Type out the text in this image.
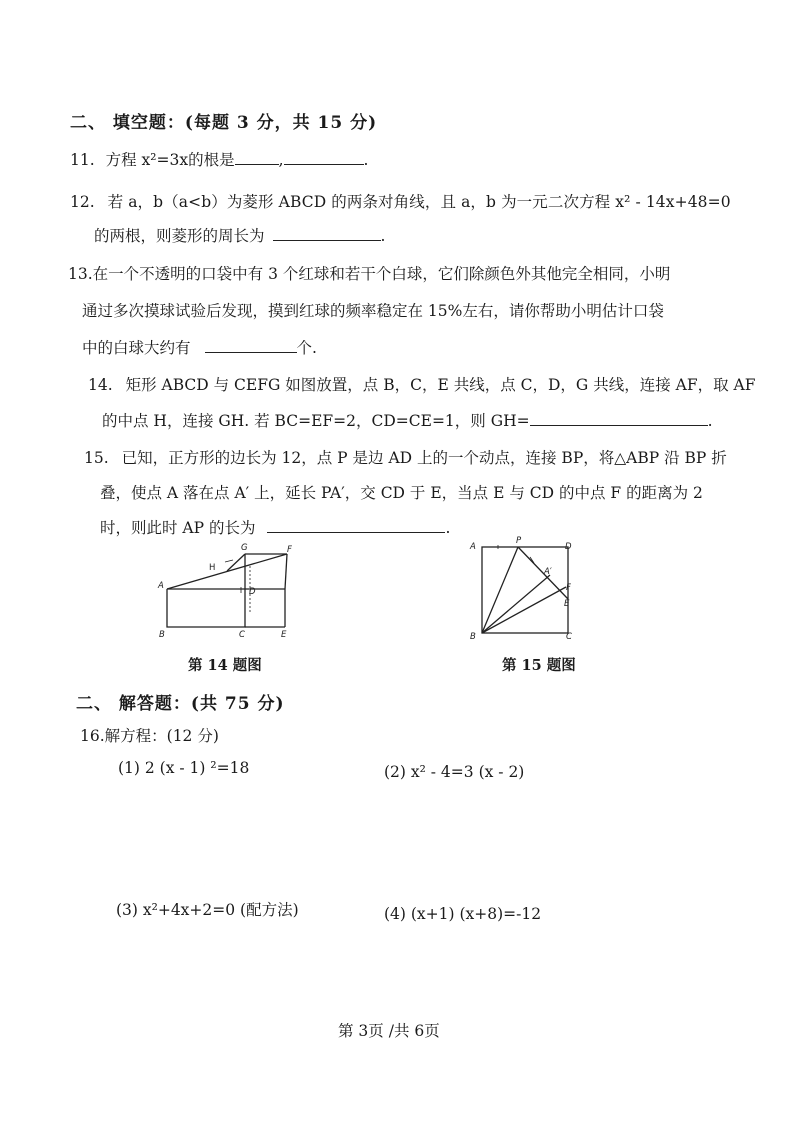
二、 填空题：(每题 3 分，共 15 分)
11. 方程 x²=3x的根是	,	.
12. 若 a，b（a<b）为菱形 ABCD 的两条对角线，且 a，b 为一元二次方程 x² - 14x+48=0
的两根，则菱形的周长为	.
13.在一个不透明的口袋中有 3 个红球和若干个白球，它们除颜色外其他完全相同，小明
通过多次摸球试验后发现，摸到红球的频率稳定在 15%左右，请你帮助小明估计口袋
中的白球大约有	个.
14. 矩形 ABCD 与 CEFG 如图放置，点 B，C，E 共线，点 C，D，G 共线，连接 AF，取 AF
的中点 H，连接 GH. 若 BC=EF=2，CD=CE=1，则 GH=	.
15. 已知，正方形的边长为 12，点 P 是边 AD 上的一个动点，连接 BP，将△ABP 沿 BP 折
叠，使点 A 落在点 A′ 上，延长 PA′，交 CD 于 E，当点 E 与 CD 的中点 F 的距离为 2
时，则此时 AP 的长为	.
A
B	C
D
E
F
G
H
第 14 题图
A
P
D
A′
F
E
B	C
第 15 题图
二、 解答题：(共 75 分)
16.解方程：(12 分)
(1) 2 (x - 1) ²=18	(2) x² - 4=3 (x - 2)
(3) x²+4x+2=0 (配方法)	(4) (x+1) (x+8)=-12
第 3页 /共 6页
